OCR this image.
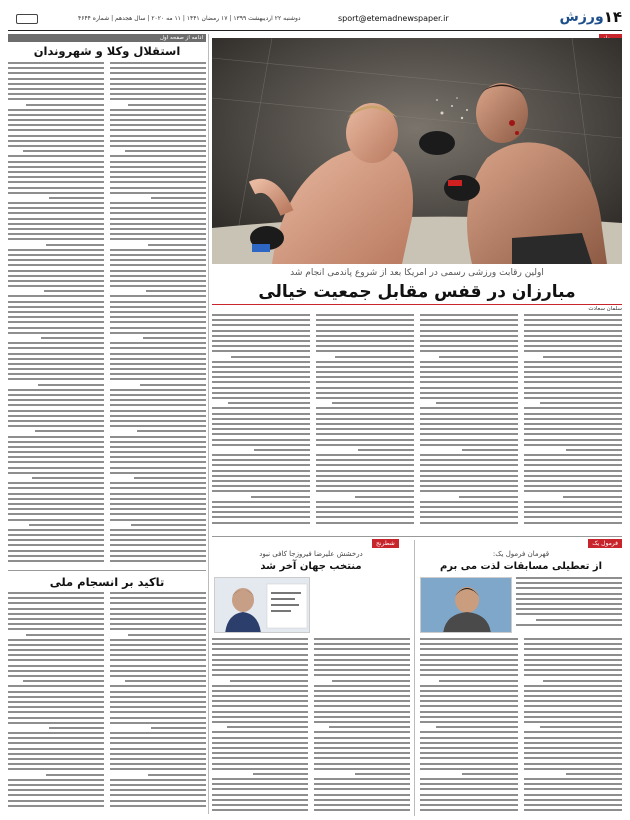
دوشنبه ۲۲ اردیبهشت ۱۳۹۹ | ۱۷ رمضان ۱۴۴۱ | ۱۱ مه ۲۰۲۰ | سال هجدهم | شماره ۴۶۴۴	sport@etemadnewspaper.ir	۱۴
ورزش
ادامه از صفحه اول
استقلال وکلا و شهروندان
تاکید بر انسجام ملی
اولین رقابت ورزشی رسمی در امریکا بعد از شروع پاندمی انجام شد
مبارزان در قفس مقابل جمعیت خیالی
سلمان سعادت
شطرنج
درخشش علیرضا فیروزجا کافی نبود
منتخب جهان آخر شد
فرمول یک
قهرمان فرمول یک:
از تعطیلی مسابقات لذت می برم
